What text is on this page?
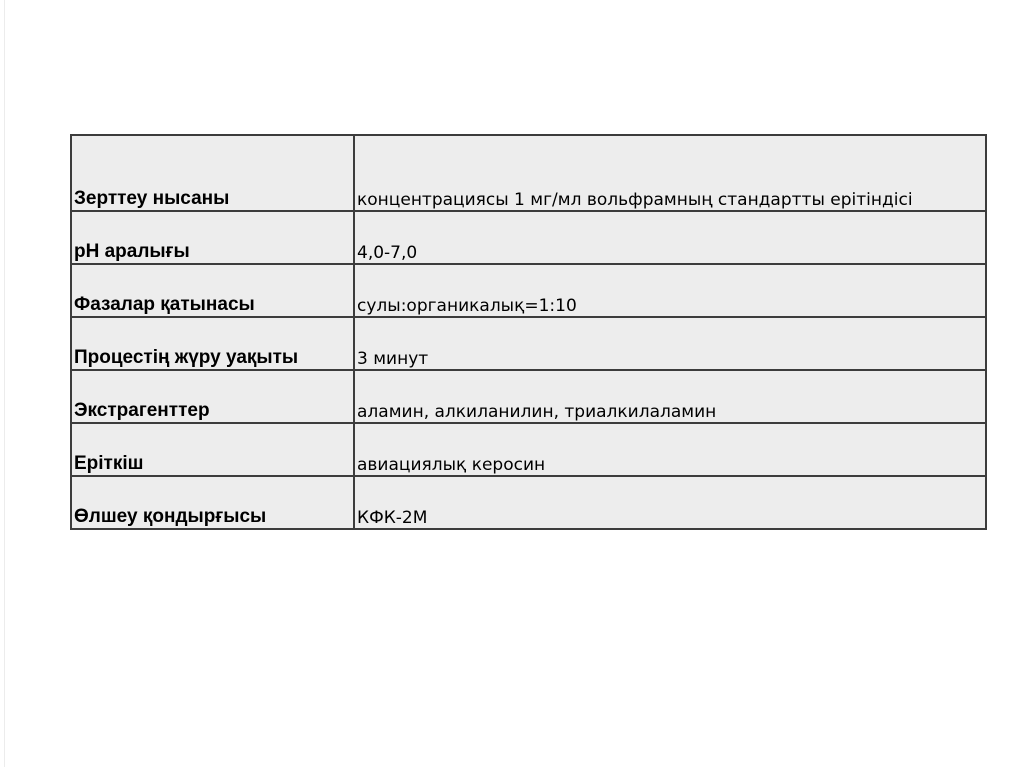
Зерттеу нысаны	концентрациясы 1 мг/мл вольфрамның стандартты ерітіндісі
pH аралығы	4,0-7,0
Фазалар қатынасы	сулы:органикалық=1:10
Процестің жүру уақыты	3 минут
Экстрагенттер	аламин, алкиланилин, триалкилаламин
Еріткіш	авиациялық керосин
Өлшеу қондырғысы	КФК-2М
